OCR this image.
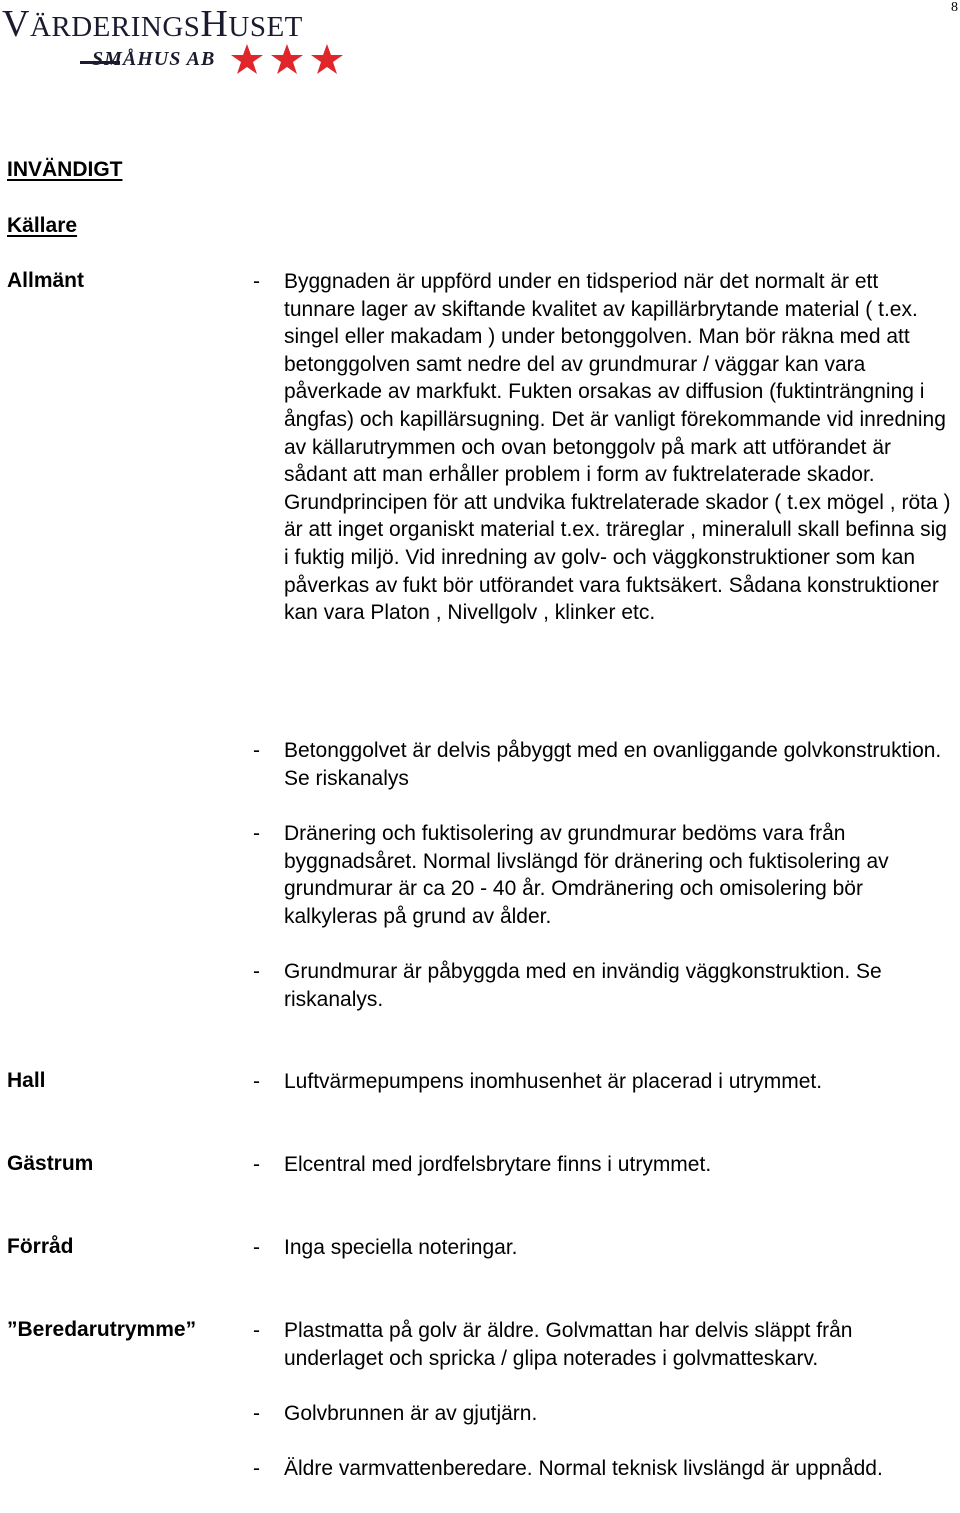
8
VÄRDERINGSHUSET
SMÅHUS AB
INVÄNDIGT
Källare
Allmänt	- Byggnaden är uppförd under en tidsperiod när det normalt är ett tunnare lager av skiftande kvalitet av kapillärbrytande material ( t.ex. singel eller makadam ) under betonggolven. Man bör räkna med att betonggolven samt nedre del av grundmurar / väggar kan vara påverkade av markfukt. Fukten orsakas av diffusion (fuktinträngning i ångfas) och kapillärsugning. Det är vanligt förekommande vid inredning av källarutrymmen och ovan betonggolv på mark att utförandet är sådant att man erhåller problem i form av fuktrelaterade skador. Grundprincipen för att undvika fuktrelaterade skador ( t.ex mögel , röta ) är att inget organiskt material t.ex. träreglar , mineralull skall befinna sig i fuktig miljö. Vid inredning av golv- och väggkonstruktioner som kan påverkas av fukt bör utförandet vara fuktsäkert. Sådana konstruktioner kan vara Platon , Nivellgolv , klinker etc.
- Betonggolvet är delvis påbyggt med en ovanliggande golvkonstruktion. Se riskanalys
- Dränering och fuktisolering av grundmurar bedöms vara från byggnadsåret. Normal livslängd för dränering och fuktisolering av grundmurar är ca 20 - 40 år. Omdränering och omisolering bör kalkyleras på grund av ålder.
- Grundmurar är påbyggda med en invändig väggkonstruktion. Se riskanalys.
Hall	- Luftvärmepumpens inomhusenhet är placerad i utrymmet.
Gästrum	- Elcentral med jordfelsbrytare finns i utrymmet.
Förråd	- Inga speciella noteringar.
”Beredarutrymme”	- Plastmatta på golv är äldre. Golvmattan har delvis släppt från underlaget och spricka / glipa noterades i golvmatteskarv.
- Golvbrunnen är av gjutjärn.
- Äldre varmvattenberedare. Normal teknisk livslängd är uppnådd.
